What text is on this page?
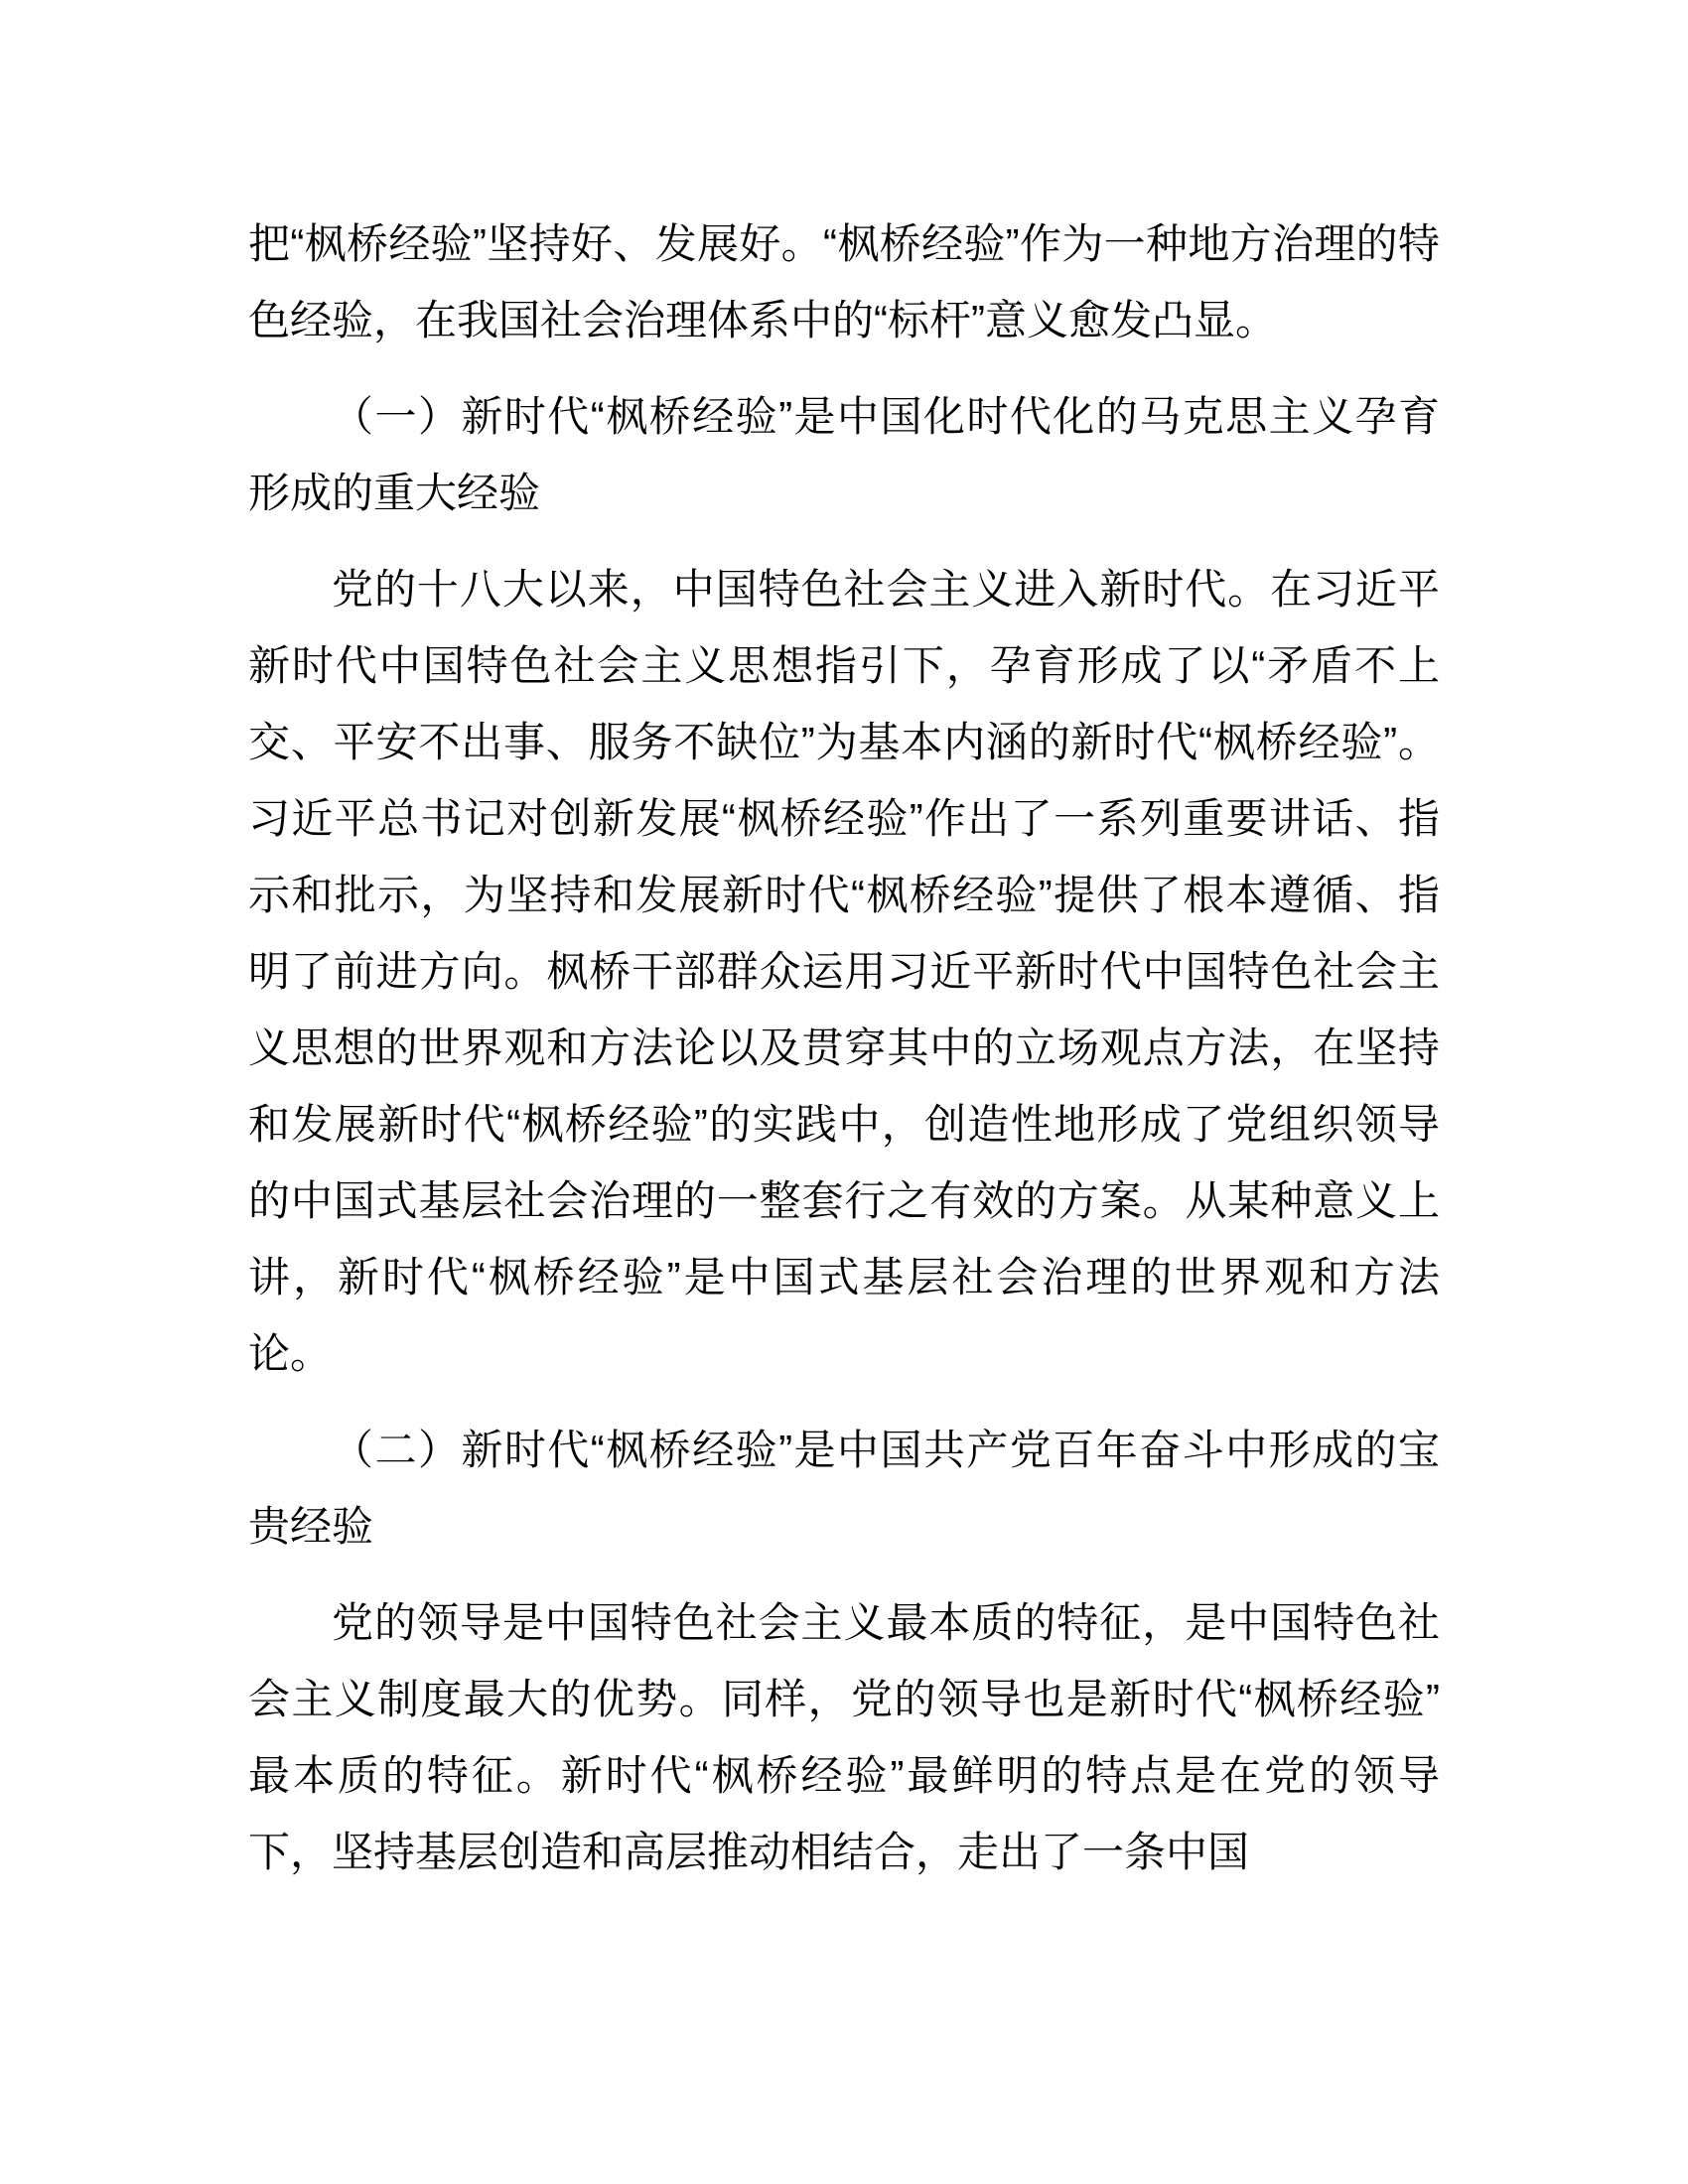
把“枫桥经验”坚持好、发展好。“枫桥经验”作为一种地方治理的特色经验，在我国社会治理体系中的“标杆”意义愈发凸显。

（一）新时代“枫桥经验”是中国化时代化的马克思主义孕育形成的重大经验

党的十八大以来，中国特色社会主义进入新时代。在习近平新时代中国特色社会主义思想指引下，孕育形成了以“矛盾不上交、平安不出事、服务不缺位”为基本内涵的新时代“枫桥经验”。习近平总书记对创新发展“枫桥经验”作出了一系列重要讲话、指示和批示，为坚持和发展新时代“枫桥经验”提供了根本遵循、指明了前进方向。枫桥干部群众运用习近平新时代中国特色社会主义思想的世界观和方法论以及贯穿其中的立场观点方法，在坚持和发展新时代“枫桥经验”的实践中，创造性地形成了党组织领导的中国式基层社会治理的一整套行之有效的方案。从某种意义上讲，新时代“枫桥经验”是中国式基层社会治理的世界观和方法论。

（二）新时代“枫桥经验”是中国共产党百年奋斗中形成的宝贵经验

党的领导是中国特色社会主义最本质的特征，是中国特色社会主义制度最大的优势。同样，党的领导也是新时代“枫桥经验”最本质的特征。新时代“枫桥经验”最鲜明的特点是在党的领导下，坚持基层创造和高层推动相结合，走出了一条中国
